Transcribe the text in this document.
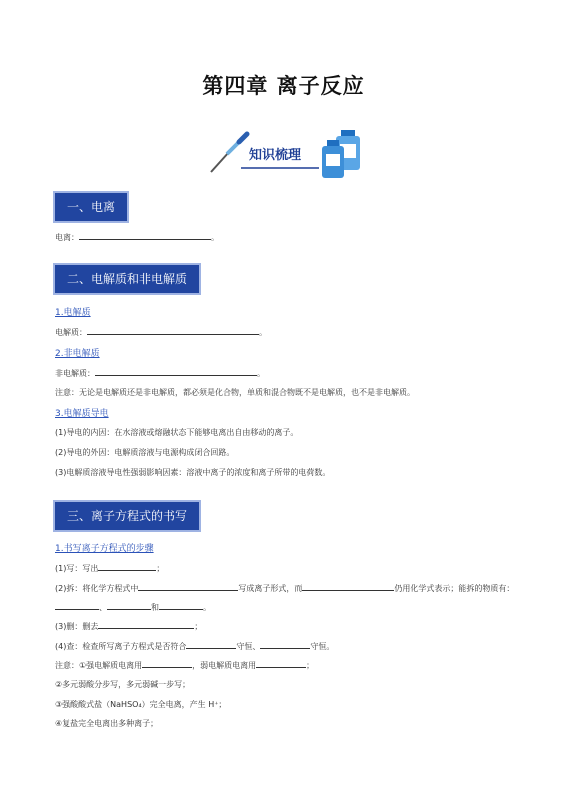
第四章 离子反应
知识梳理
一、电离
电离：	。
二、电解质和非电解质
1.电解质
电解质：	。
2.非电解质
非电解质：	。
注意：无论是电解质还是非电解质，都必须是化合物，单质和混合物既不是电解质，也不是非电解质。
3.电解质导电
(1)导电的内因：在水溶液或熔融状态下能够电离出自由移动的离子。
(2)导电的外因：电解质溶液与电源构成闭合回路。
(3)电解质溶液导电性强弱影响因素：溶液中离子的浓度和离子所带的电荷数。
三、离子方程式的书写
1.书写离子方程式的步骤
(1)写：写出	；
(2)拆：将化学方程式中	写成离子形式，而	仍用化学式表示；能拆的物质有：
、	和	。
(3)删：删去	；
(4)查：检查所写离子方程式是否符合	守恒、	守恒。
注意：①强电解质电离用	，弱电解质电离用	；
②多元弱酸分步写，多元弱碱一步写；
③强酸酸式盐（NaHSO₄）完全电离，产生 H⁺；
④复盐完全电离出多种离子；
